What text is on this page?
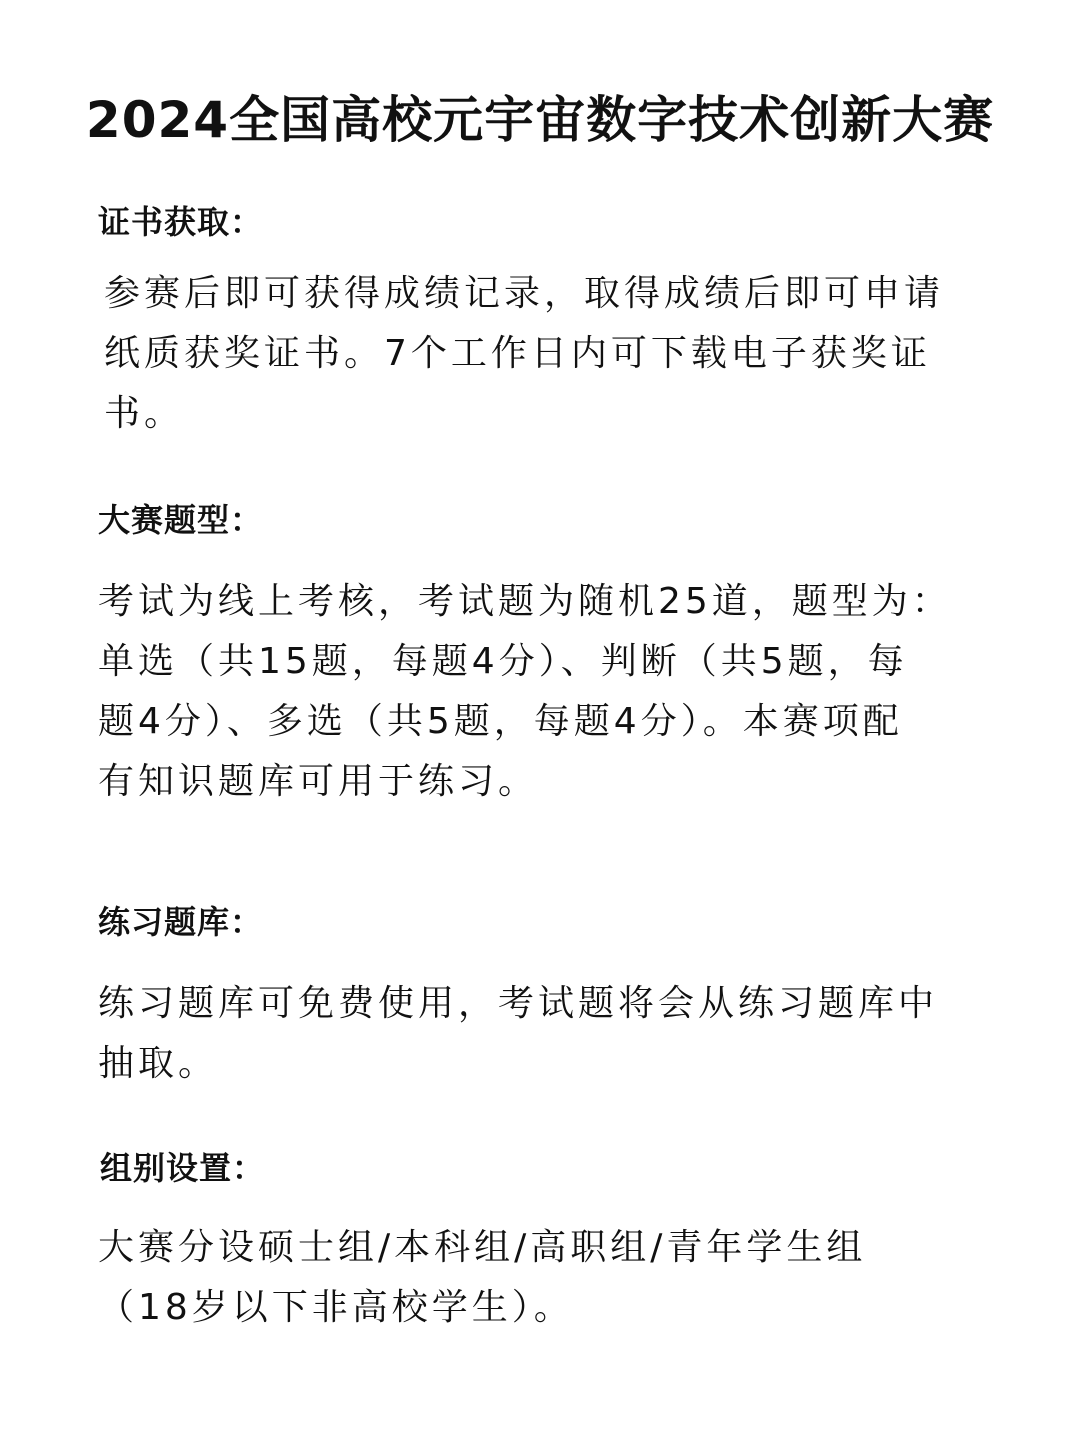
2024全国高校元宇宙数字技术创新大赛
证书获取：

参赛后即可获得成绩记录，取得成绩后即可申请
纸质获奖证书。7个工作日内可下载电子获奖证
书。

大赛题型：

考试为线上考核，考试题为随机25道，题型为：
单选（共15题，每题4分）、判断（共5题，每
题4分）、多选（共5题，每题4分）。本赛项配
有知识题库可用于练习。

练习题库：

练习题库可免费使用，考试题将会从练习题库中
抽取。

组别设置：

大赛分设硕士组/本科组/高职组/青年学生组
（18岁以下非高校学生）。
